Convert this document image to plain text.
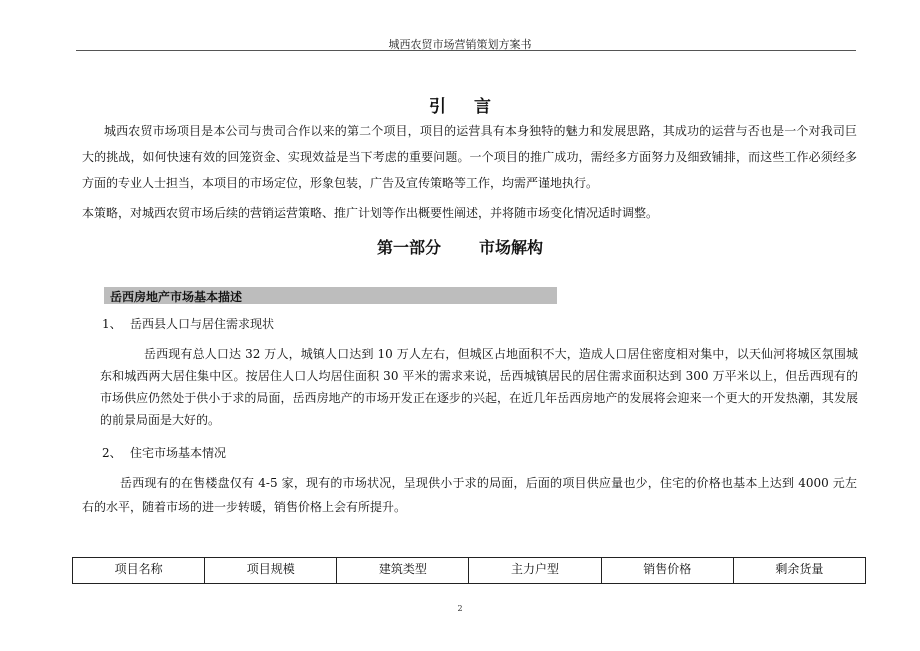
城西农贸市场营销策划方案书
引言
城西农贸市场项目是本公司与贵司合作以来的第二个项目，项目的运营具有本身独特的魅力和发展思路，其成功的运营与否也是一个对我司巨大的挑战，如何快速有效的回笼资金、实现效益是当下考虑的重要问题。一个项目的推广成功，需经多方面努力及细致铺排，而这些工作必须经多方面的专业人士担当，本项目的市场定位，形象包装，广告及宣传策略等工作，均需严谨地执行。
本策略，对城西农贸市场后续的营销运营策略、推广计划等作出概要性阐述，并将随市场变化情况适时调整。
第一部分 市场解构
岳西房地产市场基本描述
1、 岳西县人口与居住需求现状
岳西现有总人口达 32 万人，城镇人口达到 10 万人左右，但城区占地面积不大，造成人口居住密度相对集中，以天仙河将城区氛围城东和城西两大居住集中区。按居住人口人均居住面积 30 平米的需求来说，岳西城镇居民的居住需求面积达到 300 万平米以上，但岳西现有的市场供应仍然处于供小于求的局面，岳西房地产的市场开发正在逐步的兴起，在近几年岳西房地产的发展将会迎来一个更大的开发热潮，其发展的前景局面是大好的。
2、 住宅市场基本情况
岳西现有的在售楼盘仅有 4-5 家，现有的市场状况，呈现供小于求的局面，后面的项目供应量也少，住宅的价格也基本上达到 4000 元左右的水平，随着市场的进一步转暖，销售价格上会有所提升。
项目名称	项目规模	建筑类型	主力户型	销售价格	剩余货量
2
